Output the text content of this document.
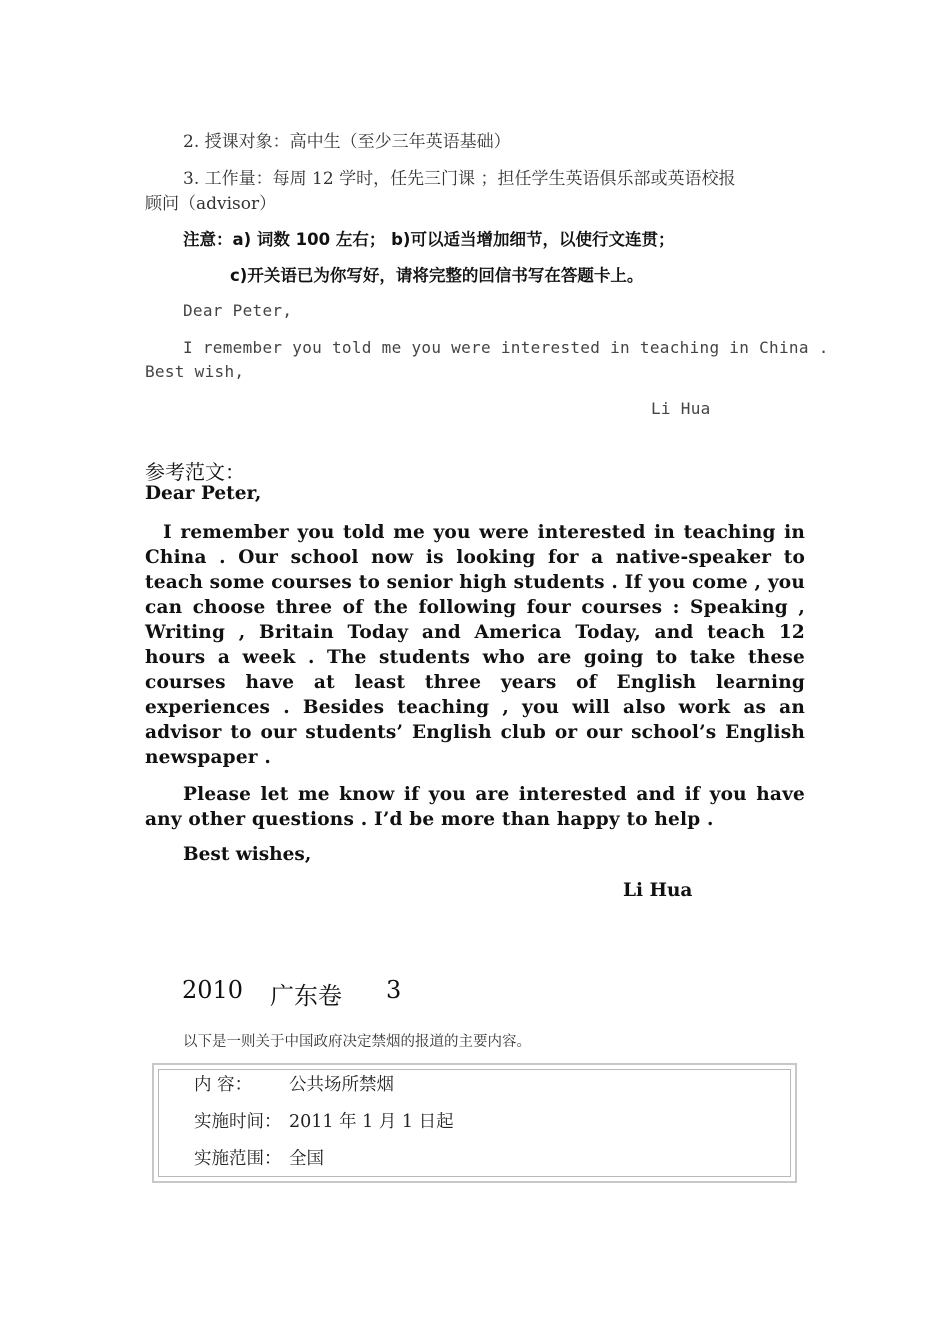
2. 授课对象：高中生（至少三年英语基础）
3. 工作量：每周 12 学时，任先三门课 ；担任学生英语俱乐部或英语校报
顾问（advisor）
注意：a) 词数 100 左右； b)可以适当增加细节，以使行文连贯；
c)开关语已为你写好，请将完整的回信书写在答题卡上。
Dear Peter,
I remember you told me you were interested in teaching in China .
Best wish,
Li Hua
参考范文：
Dear Peter,
I remember you told me you were interested in teaching in China . Our school now is looking for a native-speaker to teach some courses to senior high students . If you come , you can choose three of the following four courses : Speaking , Writing , Britain Today and America Today, and teach 12 hours a week . The students who are going to take these courses have at least three years of English learning experiences . Besides teaching , you will also work as an advisor to our students’ English club or our school’s English newspaper .
Please let me know if you are interested and if you have any other questions . I’d be more than happy to help .
Best wishes,
Li Hua
2010 广东卷 3
以下是一则关于中国政府决定禁烟的报道的主要内容。
内 容： 公共场所禁烟
实施时间： 2011 年 1 月 1 日起
实施范围： 全国
